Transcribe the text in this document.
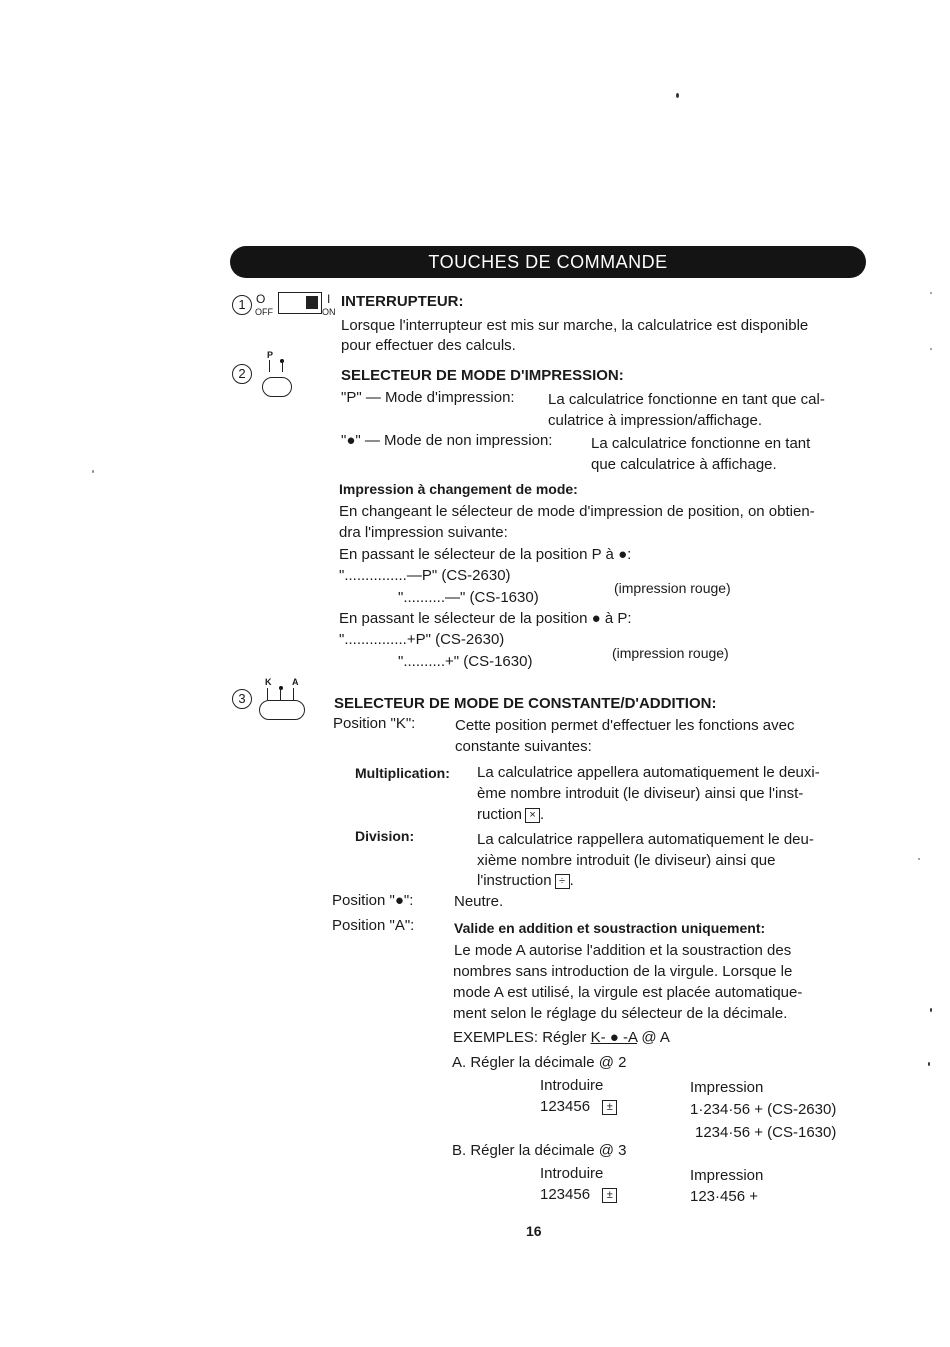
TOUCHES DE COMMANDE
1 O
OFF
I
ON
INTERRUPTEUR:
Lorsque l'interrupteur est mis sur marche, la calculatrice est disponible
pour effectuer des calculs.
2
P
SELECTEUR DE MODE D'IMPRESSION:
"P" — Mode d'impression: La calculatrice fonctionne en tant que cal-
culatrice à impression/affichage.
"●" — Mode de non impression:	La calculatrice fonctionne en tant
que calculatrice à affichage.
Impression à changement de mode:
En changeant le sélecteur de mode d'impression de position, on obtien-
dra l'impression suivante:
En passant le sélecteur de la position P à ●:
"...............—P" (CS-2630)
"..........—" (CS-1630)
(impression rouge)
En passant le sélecteur de la position ● à P:
"...............+P" (CS-2630)
"..........+" (CS-1630)	(impression rouge)
3
K A
SELECTEUR DE MODE DE CONSTANTE/D'ADDITION:
Position "K":	Cette position permet d'effectuer les fonctions avec
constante suivantes:
Multiplication: La calculatrice appellera automatiquement le deuxi-
ème nombre introduit (le diviseur) ainsi que l'inst-
ruction × .
Division:	La calculatrice rappellera automatiquement le deu-
xième nombre introduit (le diviseur) ainsi que
l'instruction ÷ .
Position "●":	Neutre.
Position "A":	Valide en addition et soustraction uniquement:
Le mode A autorise l'addition et la soustraction des
nombres sans introduction de la virgule. Lorsque le
mode A est utilisé, la virgule est placée automatique-
ment selon le réglage du sélecteur de la décimale.
EXEMPLES: Régler K- ● -A @ A
A. Régler la décimale @ 2
Introduire	Impression
123456 ±	1·234·56 + (CS-2630)
1234·56 + (CS-1630)
B. Régler la décimale @ 3
Introduire	Impression
123456 ±	123·456 +
16
